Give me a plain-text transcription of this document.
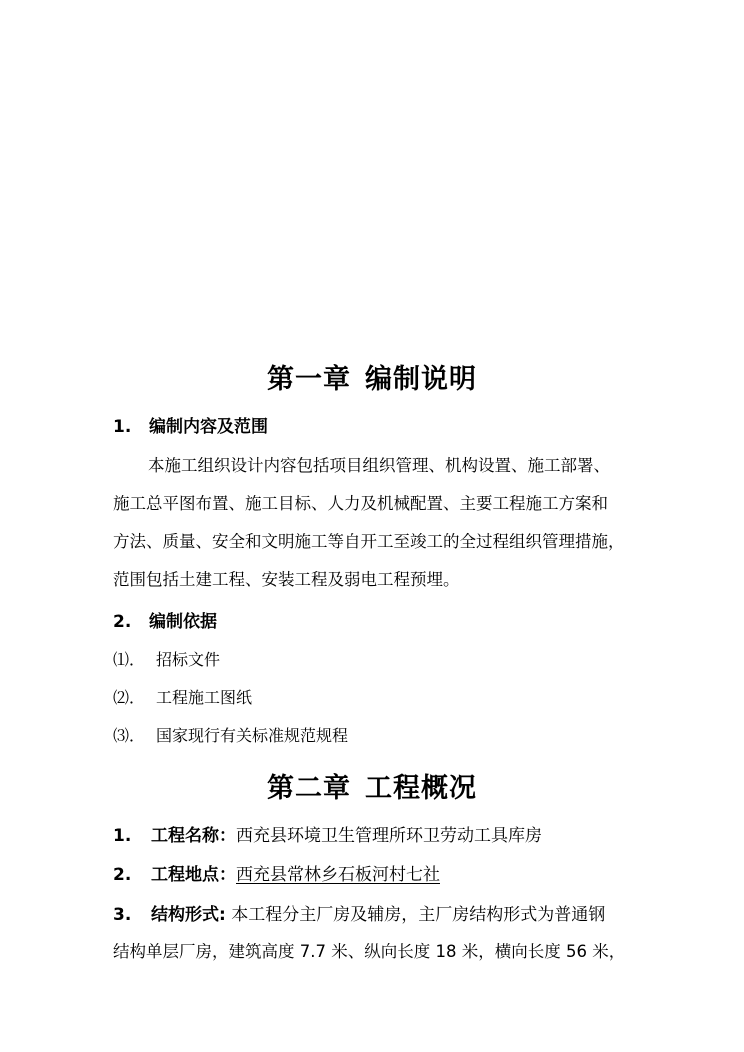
第一章 编制说明
1. 编制内容及范围
本施工组织设计内容包括项目组织管理、机构设置、施工部署、
施工总平图布置、施工目标、人力及机械配置、主要工程施工方案和
方法、质量、安全和文明施工等自开工至竣工的全过程组织管理措施，
范围包括土建工程、安装工程及弱电工程预埋。
2. 编制依据
⑴． 招标文件
⑵． 工程施工图纸
⑶． 国家现行有关标准规范规程
第二章 工程概况
1. 工程名称：西充县环境卫生管理所环卫劳动工具库房
2. 工程地点：西充县常林乡石板河村七社
3. 结构形式: 本工程分主厂房及辅房，主厂房结构形式为普通钢
结构单层厂房，建筑高度 7.7 米、纵向长度 18 米，横向长度 56 米，
